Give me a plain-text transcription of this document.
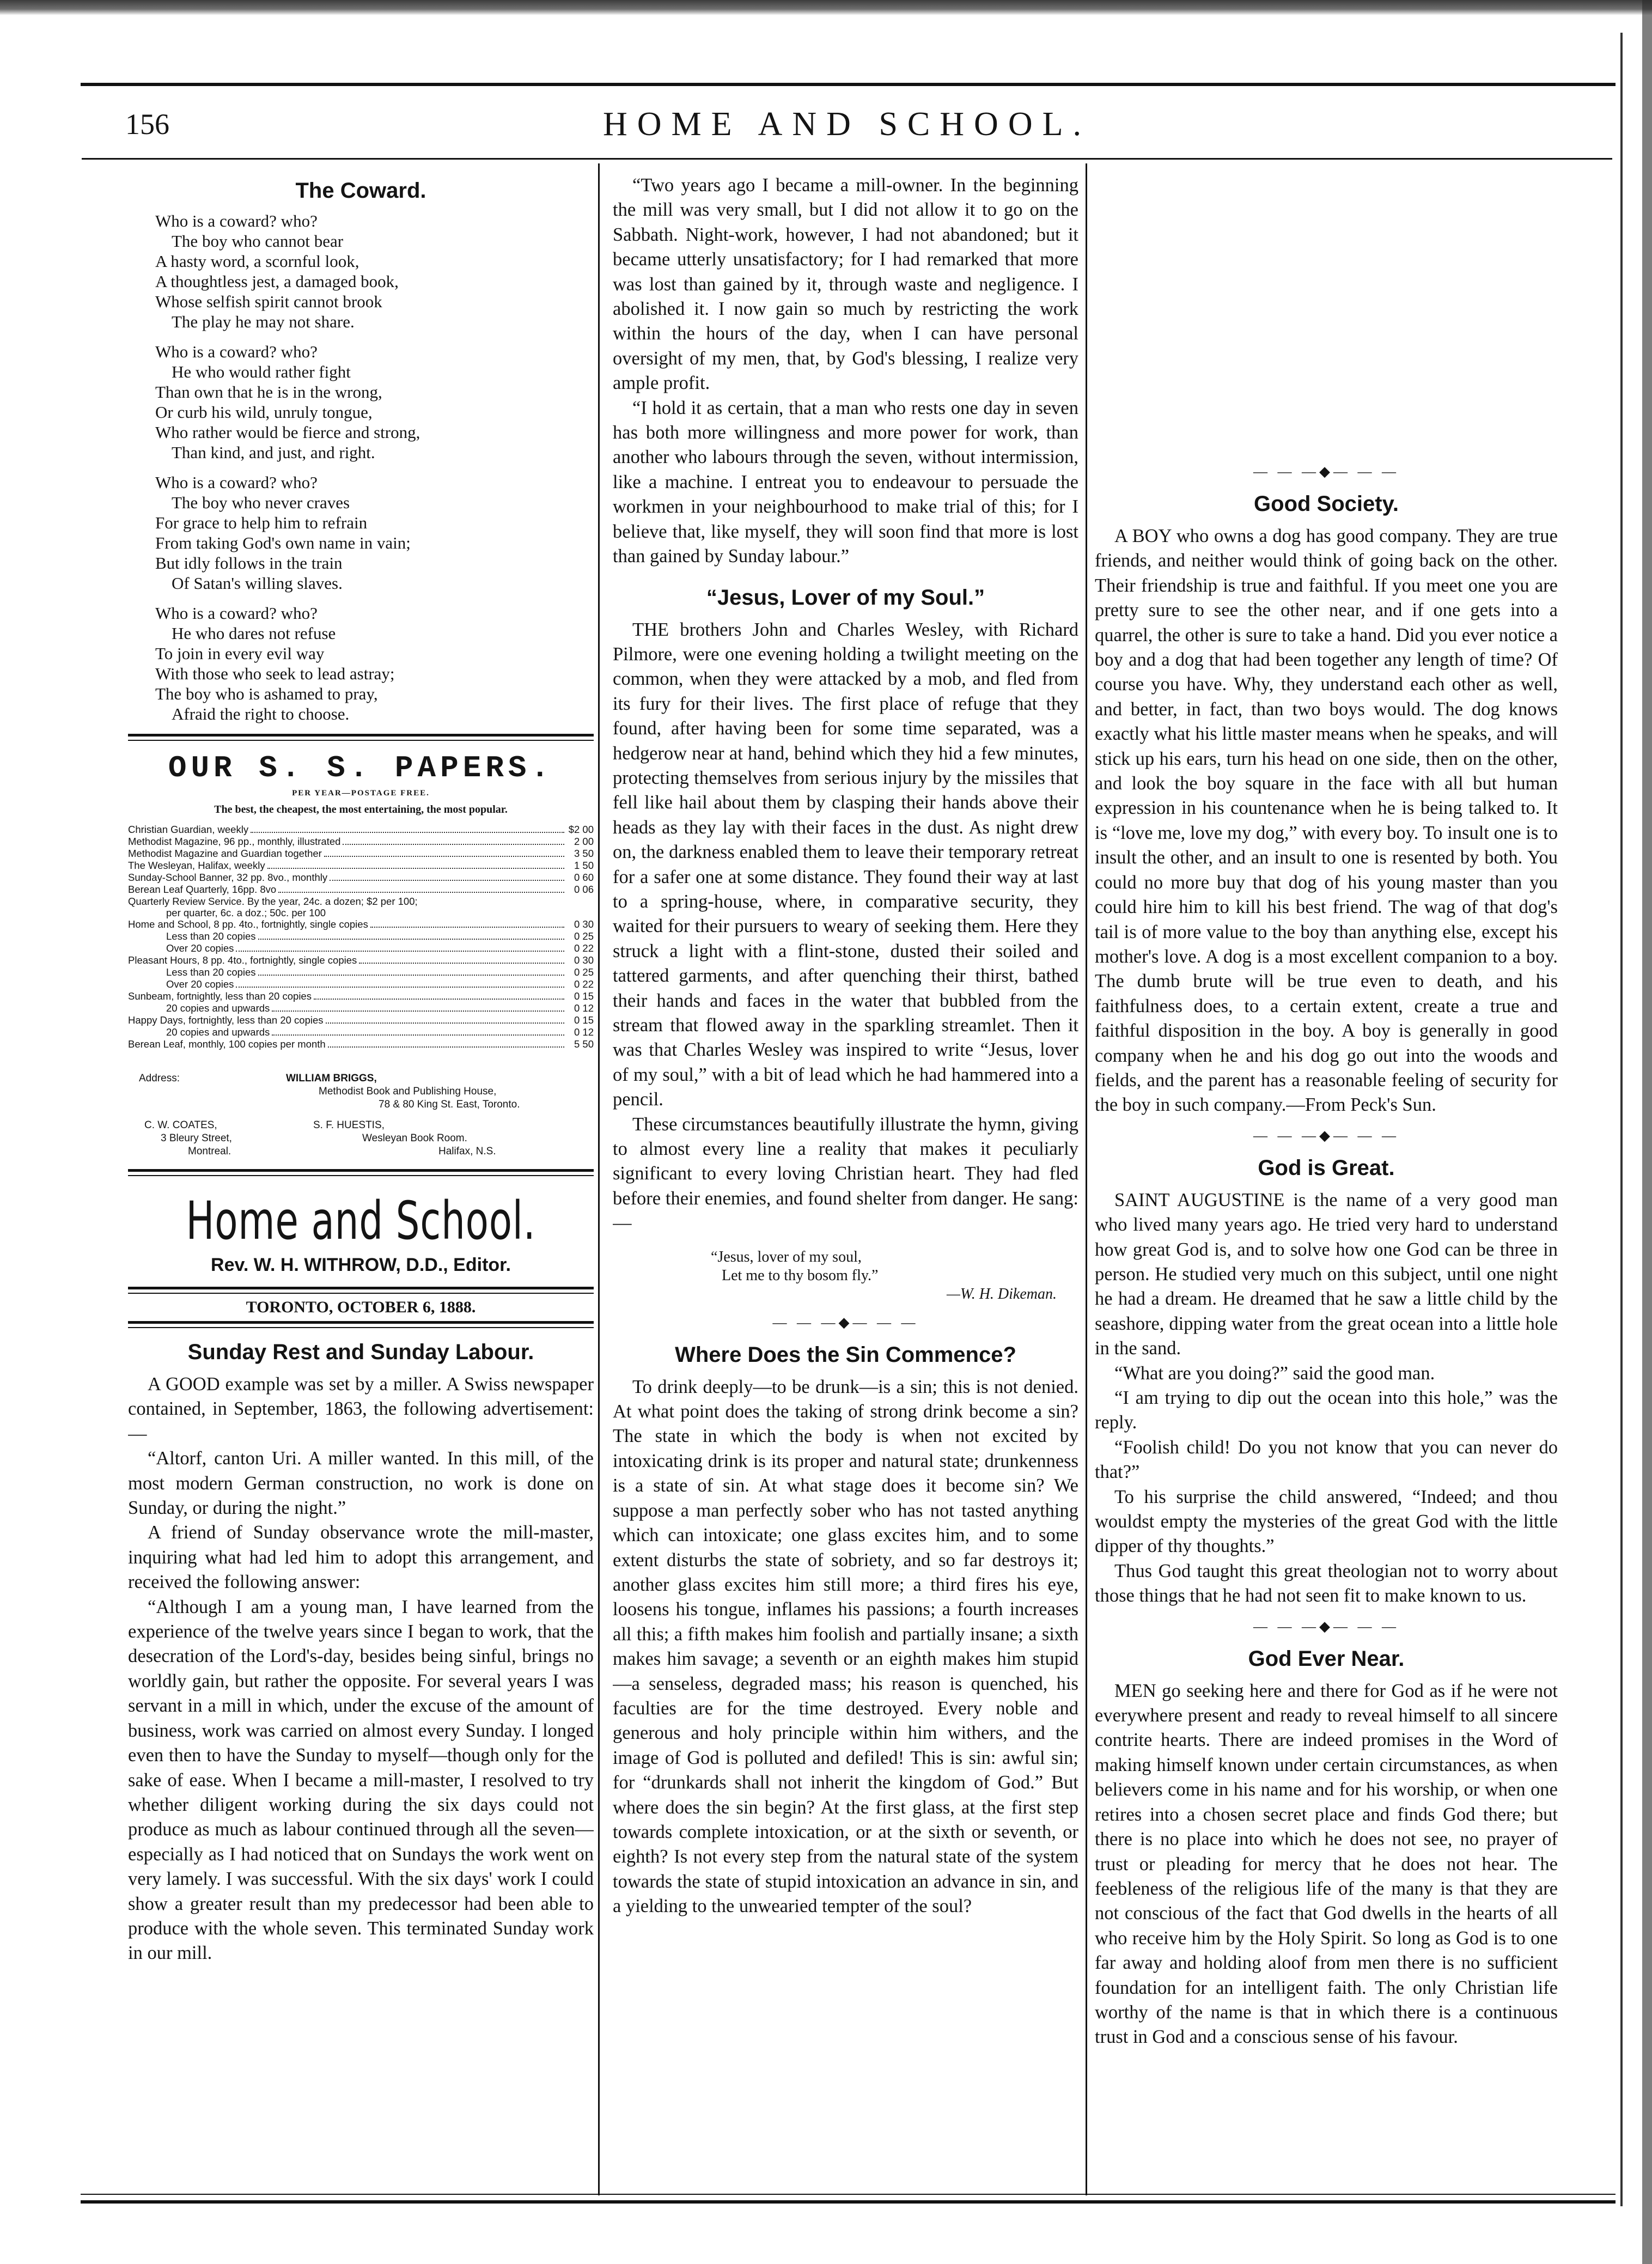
156	HOME AND SCHOOL.
The Coward.
Who is a coward? who?
The boy who cannot bear
A hasty word, a scornful look,
A thoughtless jest, a damaged book,
Whose selfish spirit cannot brook
The play he may not share.
Who is a coward? who?
He who would rather fight
Than own that he is in the wrong,
Or curb his wild, unruly tongue,
Who rather would be fierce and strong,
Than kind, and just, and right.
Who is a coward? who?
The boy who never craves
For grace to help him to refrain
From taking God's own name in vain;
But idly follows in the train
Of Satan's willing slaves.
Who is a coward? who?
He who dares not refuse
To join in every evil way
With those who seek to lead astray;
The boy who is ashamed to pray,
Afraid the right to choose.
OUR S. S. PAPERS.
PER YEAR—POSTAGE FREE.
The best, the cheapest, the most entertaining, the most popular.
Christian Guardian, weekly	$2 00
Methodist Magazine, 96 pp., monthly, illustrated	2 00
Methodist Magazine and Guardian together	3 50
The Wesleyan, Halifax, weekly	1 50
Sunday-School Banner, 32 pp. 8vo., monthly	0 60
Berean Leaf Quarterly, 16pp. 8vo	0 06
Quarterly Review Service. By the year, 24c. a dozen; $2 per 100;
per quarter, 6c. a doz.; 50c. per 100
Home and School, 8 pp. 4to., fortnightly, single copies	0 30
Less than 20 copies	0 25
Over 20 copies	0 22
Pleasant Hours, 8 pp. 4to., fortnightly, single copies	0 30
Less than 20 copies	0 25
Over 20 copies	0 22
Sunbeam, fortnightly, less than 20 copies	0 15
20 copies and upwards	0 12
Happy Days, fortnightly, less than 20 copies	0 15
20 copies and upwards	0 12
Berean Leaf, monthly, 100 copies per month	5 50
Address:	WILLIAM BRIGGS,
Methodist Book and Publishing House,
78 & 80 King St. East, Toronto.
C. W. COATES,
3 Bleury Street,
Montreal.
S. F. HUESTIS,
Wesleyan Book Room.
Halifax, N.S.
Home and School.
Rev. W. H. WITHROW, D.D., Editor.
TORONTO, OCTOBER 6, 1888.
Sunday Rest and Sunday Labour.

A GOOD example was set by a miller. A Swiss newspaper contained, in September, 1863, the following advertisement:—

“Altorf, canton Uri. A miller wanted. In this mill, of the most modern German construction, no work is done on Sunday, or during the night.”

A friend of Sunday observance wrote the mill-master, inquiring what had led him to adopt this arrangement, and received the following answer:

“Although I am a young man, I have learned from the experience of the twelve years since I began to work, that the desecration of the Lord's-day, besides being sinful, brings no worldly gain, but rather the opposite. For several years I was servant in a mill in which, under the excuse of the amount of business, work was carried on almost every Sunday. I longed even then to have the Sunday to myself—though only for the sake of ease. When I became a mill-master, I resolved to try whether diligent working during the six days could not produce as much as labour continued through all the seven—especially as I had noticed that on Sundays the work went on very lamely. I was successful. With the six days' work I could show a greater result than my predecessor had been able to produce with the whole seven. This terminated Sunday work in our mill.

“Two years ago I became a mill-owner. In the beginning the mill was very small, but I did not allow it to go on the Sabbath. Night-work, however, I had not abandoned; but it became utterly unsatisfactory; for I had remarked that more was lost than gained by it, through waste and negligence. I abolished it. I now gain so much by restricting the work within the hours of the day, when I can have personal oversight of my men, that, by God's blessing, I realize very ample profit.

“I hold it as certain, that a man who rests one day in seven has both more willingness and more power for work, than another who labours through the seven, without intermission, like a machine. I entreat you to endeavour to persuade the workmen in your neighbourhood to make trial of this; for I believe that, like myself, they will soon find that more is lost than gained by Sunday labour.”

“Jesus, Lover of my Soul.”

THE brothers John and Charles Wesley, with Richard Pilmore, were one evening holding a twilight meeting on the common, when they were attacked by a mob, and fled from its fury for their lives. The first place of refuge that they found, after having been for some time separated, was a hedgerow near at hand, behind which they hid a few minutes, protecting themselves from serious injury by the missiles that fell like hail about them by clasping their hands above their heads as they lay with their faces in the dust. As night drew on, the darkness enabled them to leave their temporary retreat for a safer one at some distance. They found their way at last to a spring-house, where, in comparative security, they waited for their pursuers to weary of seeking them. Here they struck a light with a flint-stone, dusted their soiled and tattered garments, and after quenching their thirst, bathed their hands and faces in the water that bubbled from the stream that flowed away in the sparkling streamlet. Then it was that Charles Wesley was inspired to write “Jesus, lover of my soul,” with a bit of lead which he had hammered into a pencil.

These circumstances beautifully illustrate the hymn, giving to almost every line a reality that makes it peculiarly significant to every loving Christian heart. They had fled before their enemies, and found shelter from danger. He sang:—

“Jesus, lover of my soul,
Let me to thy bosom fly.”
—W. H. Dikeman.
— — —◆— — —
Where Does the Sin Commence?

To drink deeply—to be drunk—is a sin; this is not denied. At what point does the taking of strong drink become a sin? The state in which the body is when not excited by intoxicating drink is its proper and natural state; drunkenness is a state of sin. At what stage does it become sin? We suppose a man perfectly sober who has not tasted anything which can intoxicate; one glass excites him, and to some extent disturbs the state of sobriety, and so far destroys it; another glass excites him still more; a third fires his eye, loosens his tongue, inflames his passions; a fourth increases all this; a fifth makes him foolish and partially insane; a sixth makes him savage; a seventh or an eighth makes him stupid—a senseless, degraded mass; his reason is quenched, his faculties are for the time destroyed. Every noble and generous and holy principle within him withers, and the image of God is polluted and defiled! This is sin: awful sin; for “drunkards shall not inherit the kingdom of God.” But where does the sin begin? At the first glass, at the first step towards complete intoxication, or at the sixth or seventh, or eighth? Is not every step from the natural state of the system towards the state of stupid intoxication an advance in sin, and a yielding to the unwearied tempter of the soul?

— — —◆— — —
Good Society.

A BOY who owns a dog has good company. They are true friends, and neither would think of going back on the other. Their friendship is true and faithful. If you meet one you are pretty sure to see the other near, and if one gets into a quarrel, the other is sure to take a hand. Did you ever notice a boy and a dog that had been together any length of time? Of course you have. Why, they understand each other as well, and better, in fact, than two boys would. The dog knows exactly what his little master means when he speaks, and will stick up his ears, turn his head on one side, then on the other, and look the boy square in the face with all but human expression in his countenance when he is being talked to. It is “love me, love my dog,” with every boy. To insult one is to insult the other, and an insult to one is resented by both. You could no more buy that dog of his young master than you could hire him to kill his best friend. The wag of that dog's tail is of more value to the boy than anything else, except his mother's love. A dog is a most excellent companion to a boy. The dumb brute will be true even to death, and his faithfulness does, to a certain extent, create a true and faithful disposition in the boy. A boy is generally in good company when he and his dog go out into the woods and fields, and the parent has a reasonable feeling of security for the boy in such company.—From Peck's Sun.

— — —◆— — —
God is Great.

SAINT AUGUSTINE is the name of a very good man who lived many years ago. He tried very hard to understand how great God is, and to solve how one God can be three in person. He studied very much on this subject, until one night he had a dream. He dreamed that he saw a little child by the seashore, dipping water from the great ocean into a little hole in the sand.

“What are you doing?” said the good man.

“I am trying to dip out the ocean into this hole,” was the reply.

“Foolish child! Do you not know that you can never do that?”

To his surprise the child answered, “Indeed; and thou wouldst empty the mysteries of the great God with the little dipper of thy thoughts.”

Thus God taught this great theologian not to worry about those things that he had not seen fit to make known to us.

— — —◆— — —
God Ever Near.

MEN go seeking here and there for God as if he were not everywhere present and ready to reveal himself to all sincere contrite hearts. There are indeed promises in the Word of making himself known under certain circumstances, as when believers come in his name and for his worship, or when one retires into a chosen secret place and finds God there; but there is no place into which he does not see, no prayer of trust or pleading for mercy that he does not hear. The feebleness of the religious life of the many is that they are not conscious of the fact that God dwells in the hearts of all who receive him by the Holy Spirit. So long as God is to one far away and holding aloof from men there is no sufficient foundation for an intelligent faith. The only Christian life worthy of the name is that in which there is a continuous trust in God and a conscious sense of his favour.
